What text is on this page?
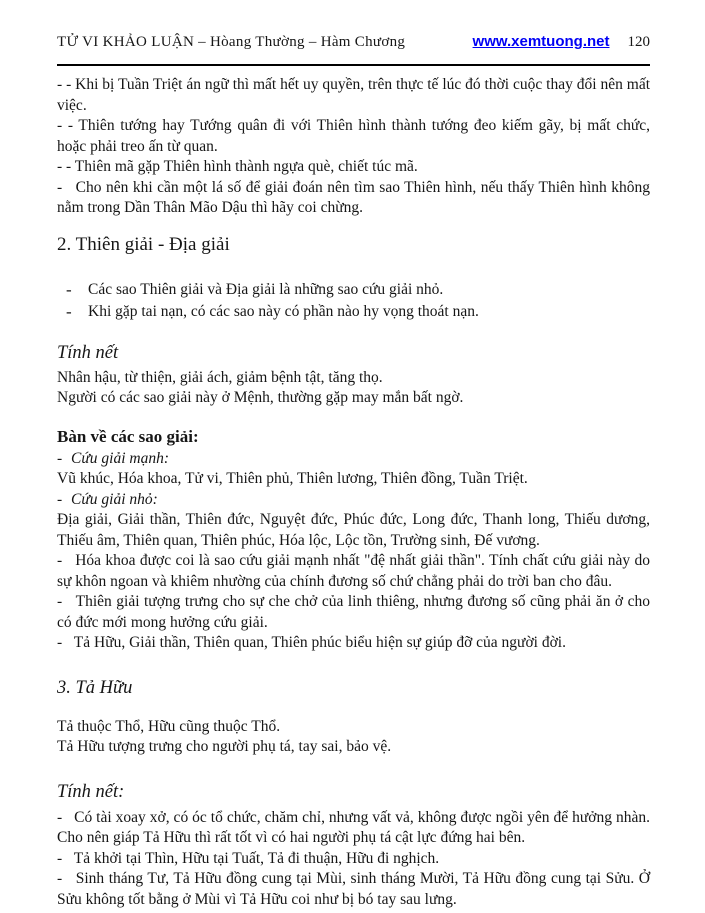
TỬ VI KHẢO LUẬN – Hòang Thường – Hàm Chương	www.xemtuong.net 120

- - Khi bị Tuần Triệt án ngữ thì mất hết uy quyền, trên thực tế lúc đó thời cuộc thay đổi nên mất việc.

- - Thiên tướng hay Tướng quân đi với Thiên hình thành tướng đeo kiếm gãy, bị mất chức, hoặc phải treo ấn từ quan.

- - Thiên mã gặp Thiên hình thành ngựa què, chiết túc mã.

-   Cho nên khi cần một lá số để giải đoán nên tìm sao Thiên hình, nếu thấy Thiên hình không nằm trong Dần Thân Mão Dậu thì hãy coi chừng.

2. Thiên giải - Địa giải
-	Các sao Thiên giải và Địa giải là những sao cứu giải nhỏ.
-	Khi gặp tai nạn, có các sao này có phần nào hy vọng thoát nạn.
Tính nết

Nhân hậu, từ thiện, giải ách, giảm bệnh tật, tăng thọ.

Người có các sao giải này ở Mệnh, thường gặp may mắn bất ngờ.

Bàn về các sao giải:
- Cứu giải mạnh:

Vũ khúc, Hóa khoa, Tử vi, Thiên phủ, Thiên lương, Thiên đồng, Tuần Triệt.

- Cứu giải nhỏ:

Địa giải, Giải thần, Thiên đức, Nguyệt đức, Phúc đức, Long đức, Thanh long, Thiếu dương, Thiếu âm, Thiên quan, Thiên phúc, Hóa lộc, Lộc tồn, Trường sinh, Đế vương.

-   Hóa khoa được coi là sao cứu giải mạnh nhất "đệ nhất giải thần". Tính chất cứu giải này do sự khôn ngoan và khiêm nhường của chính đương số chứ chẳng phải do trời ban cho đâu.

-   Thiên giải tượng trưng cho sự che chở của linh thiêng, nhưng đương số cũng phải ăn ở cho có đức mới mong hưởng cứu giải.

-   Tả Hữu, Giải thần, Thiên quan, Thiên phúc biểu hiện sự giúp đỡ của người đời.

3. Tả Hữu

Tả thuộc Thổ, Hữu cũng thuộc Thổ.

Tả Hữu tượng trưng cho người phụ tá, tay sai, bảo vệ.

Tính nết:

-   Có tài xoay xở, có óc tổ chức, chăm chỉ, nhưng vất vả, không được ngồi yên để hưởng nhàn. Cho nên giáp Tả Hữu thì rất tốt vì có hai người phụ tá cật lực đứng hai bên.

-   Tả khởi tại Thìn, Hữu tại Tuất, Tả đi thuận, Hữu đi nghịch.

-   Sinh tháng Tư, Tả Hữu đồng cung tại Mùi, sinh tháng Mười, Tả Hữu đồng cung tại Sửu. Ở Sửu không tốt bằng ở Mùi vì Tả Hữu coi như bị bó tay sau lưng.
